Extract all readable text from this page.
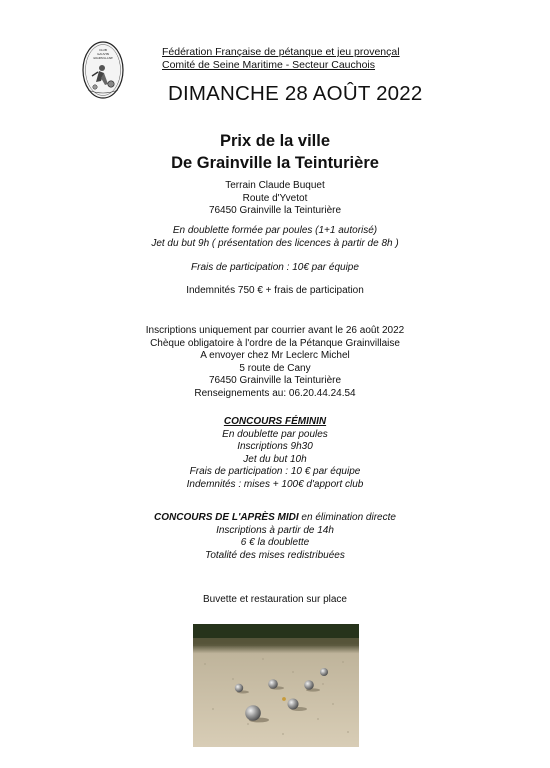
CLUB
GAUVIN
GRAINVILLAISE
Fédération Française de pétanque et jeu provençal
Comité de Seine Maritime - Secteur Cauchois
DIMANCHE 28 AOÛT 2022
Prix de la ville
De Grainville la Teinturière
Terrain Claude Buquet
Route d'Yvetot
76450 Grainville la Teinturière
En doublette formée par poules (1+1 autorisé)
Jet du but 9h ( présentation des licences à partir de 8h )
Frais de participation : 10€ par équipe
Indemnités 750 € + frais de participation
Inscriptions uniquement par courrier avant le 26 août 2022
Chèque obligatoire à l'ordre de la Pétanque Grainvillaise
A envoyer chez Mr Leclerc Michel
5 route de Cany
76450 Grainville la Teinturière
Renseignements au: 06.20.44.24.54
CONCOURS FÉMININ
En doublette par poules
Inscriptions 9h30
Jet du but 10h
Frais de participation : 10 € par équipe
Indemnités : mises + 100€ d'apport club
CONCOURS DE L'APRÈS MIDI en élimination directe
Inscriptions à partir de 14h
6 € la doublette
Totalité des mises redistribuées
Buvette et restauration sur place
